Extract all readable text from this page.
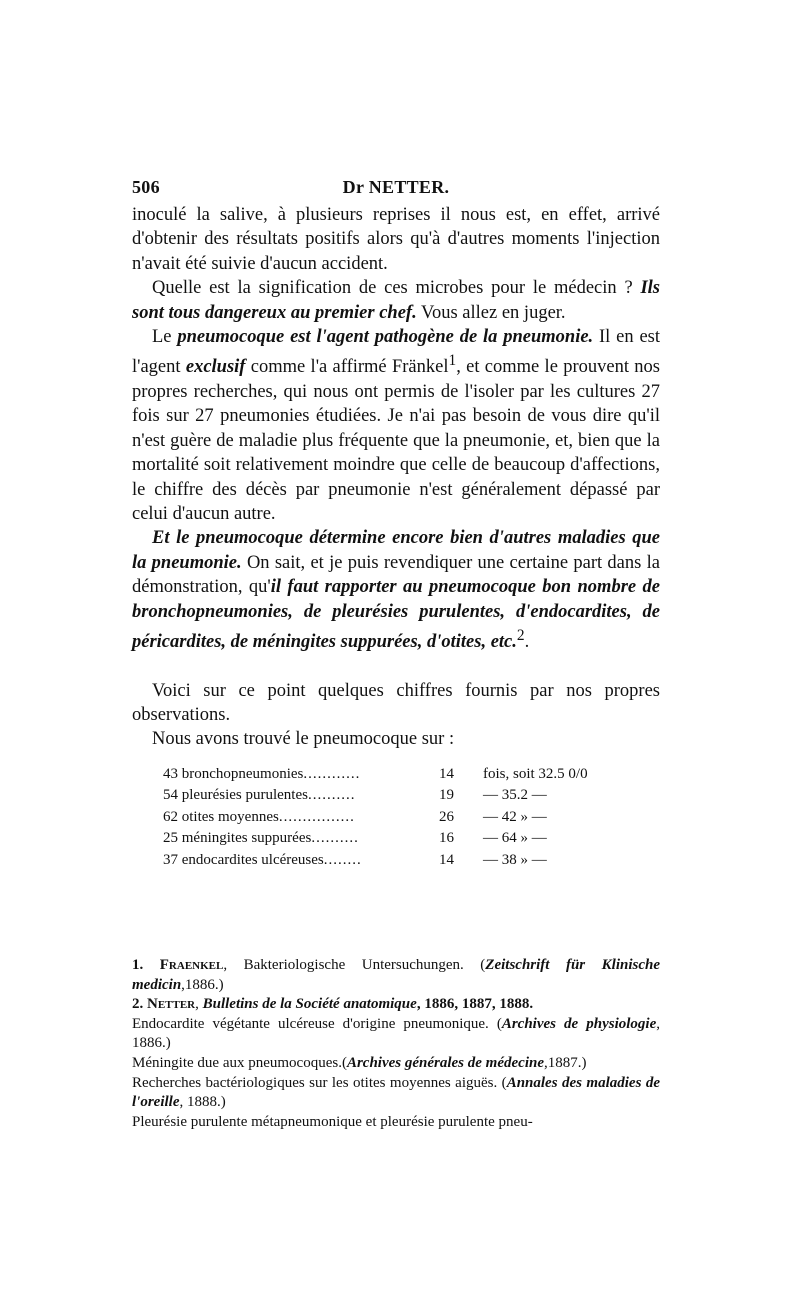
506	Dr NETTER.

inoculé la salive, à plusieurs reprises il nous est, en effet, arrivé d'obtenir des résultats positifs alors qu'à d'autres moments l'injection n'avait été suivie d'aucun accident.

Quelle est la signification de ces microbes pour le médecin ? Ils sont tous dangereux au premier chef. Vous allez en juger.

Le pneumocoque est l'agent pathogène de la pneumonie. Il en est l'agent exclusif comme l'a affirmé Fränkel$^1$, et comme le prouvent nos propres recherches, qui nous ont permis de l'isoler par les cultures 27 fois sur 27 pneumonies étudiées. Je n'ai pas besoin de vous dire qu'il n'est guère de maladie plus fréquente que la pneumonie, et, bien que la mortalité soit relativement moindre que celle de beaucoup d'affections, le chiffre des décès par pneumonie n'est généralement dépassé par celui d'aucun autre.

Et le pneumocoque détermine encore bien d'autres maladies que la pneumonie. On sait, et je puis revendiquer une certaine part dans la démonstration, qu'il faut rapporter au pneumocoque bon nombre de bronchopneumonies, de pleurésies purulentes, d'endocardites, de péricardites, de méningites suppurées, d'otites, etc.$^2$.

Voici sur ce point quelques chiffres fournis par nos propres observations.

Nous avons trouvé le pneumocoque sur :

43 bronchopneumonies............	14	fois, soit 32.5 0/0
54 pleurésies purulentes..........	19	— 35.2 —
62 otites moyennes................	26	— 42 » —
25 méningites suppurées..........	16	— 64 » —
37 endocardites ulcéreuses........	14	— 38 » —

1. Fraenkel, Bakteriologische Untersuchungen. (Zeitschrift für Klinische medicin,1886.)

2. Netter, Bulletins de la Société anatomique, 1886, 1887, 1888.

Endocardite végétante ulcéreuse d'origine pneumonique. (Archives de physiologie, 1886.)

Méningite due aux pneumocoques.(Archives générales de médecine,1887.)

Recherches bactériologiques sur les otites moyennes aiguës. (Annales des maladies de l'oreille, 1888.)

Pleurésie purulente métapneumonique et pleurésie purulente pneu-
